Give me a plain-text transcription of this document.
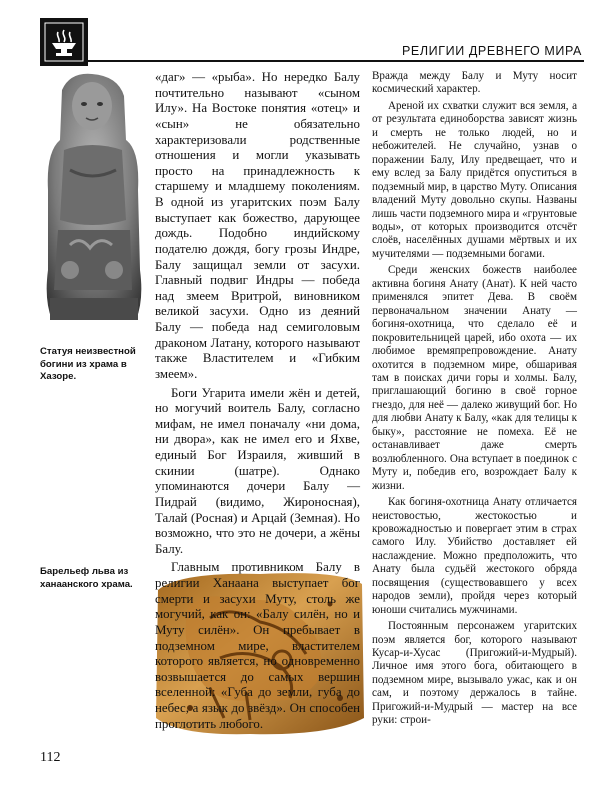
РЕЛИГИИ ДРЕВНЕГО МИРА
Статуя неизвестной богини из храма в Хазоре.
Барельеф льва из ханаанского храма.

«даг» — «рыба». Но нередко Балу почтительно называют «сыном Илу». На Востоке понятия «отец» и «сын» не обязательно характеризовали родственные отношения и могли указывать просто на принадлежность к старшему и младшему поколениям. В одной из угаритских поэм Балу выступает как божество, дарующее дождь. Подобно индийскому подателю дождя, богу грозы Индре, Балу защищал земли от засухи. Главный подвиг Индры — победа над змеем Вритрой, виновником великой засухи. Одно из деяний Балу — победа над семиголовым драконом Латану, которого называют также Властителем и «Гибким змеем».

Боги Угарита имели жён и детей, но могучий воитель Балу, согласно мифам, не имел поначалу «ни дома, ни двора», как не имел его и Яхве, единый Бог Израиля, живший в скинии (шатре). Однако упоминаются дочери Балу — Пидрай (видимо, Жироносная), Талай (Росная) и Арцай (Земная). Но возможно, что это не дочери, а жёны Балу.

Главным противником Балу в религии Ханаана выступает бог смерти и засухи Муту, столь же могучий, как он: «Балу силён, но и Муту силён». Он пребывает в подземном мире, властителем которого является, но одновременно возвышается до самых вершин вселенной: «Губа до земли, губа до небес, а язык до звёзд». Он способен проглотить любого.

Вражда между Балу и Муту носит космический характер.

Ареной их схватки служит вся земля, а от результата единоборства зависят жизнь и смерть не только людей, но и небожителей. Не случайно, узнав о поражении Балу, Илу предвещает, что и ему вслед за Балу придётся опуститься в подземный мир, в царство Муту. Описания владений Муту довольно скупы. Названы лишь части подземного мира и «грунтовые воды», от которых производится отсчёт слоёв, населённых душами мёртвых и их мучителями — подземными богами.

Среди женских божеств наиболее активна богиня Анату (Анат). К ней часто применялся эпитет Дева. В своём первоначальном значении Анату — богиня-охотница, что сделало её и покровительницей царей, ибо охота — их любимое времяпрепровождение. Анату охотится в подземном мире, обшаривая там в поисках дичи горы и холмы. Балу, приглашающий богиню в своё горное гнездо, для неё — далеко живущий бог. Но для любви Анату к Балу, «как для телицы к быку», расстояние не помеха. Её не останавливает даже смерть возлюбленного. Она вступает в поединок с Муту и, победив его, возрождает Балу к жизни.

Как богиня-охотница Анату отличается неистовостью, жестокостью и кровожадностью и повергает этим в страх самого Илу. Убийство доставляет ей наслаждение. Можно предположить, что Анату была судьёй жестокого обряда посвящения (существовавшего у всех народов земли), пройдя через который юноши считались мужчинами.

Постоянным персонажем угаритских поэм является бог, которого называют Кусар-и-Хусас (Пригожий-и-Мудрый). Личное имя этого бога, обитающего в подземном мире, вызывало ужас, как и он сам, и поэтому держалось в тайне. Пригожий-и-Мудрый — мастер на все руки: строи-

112
